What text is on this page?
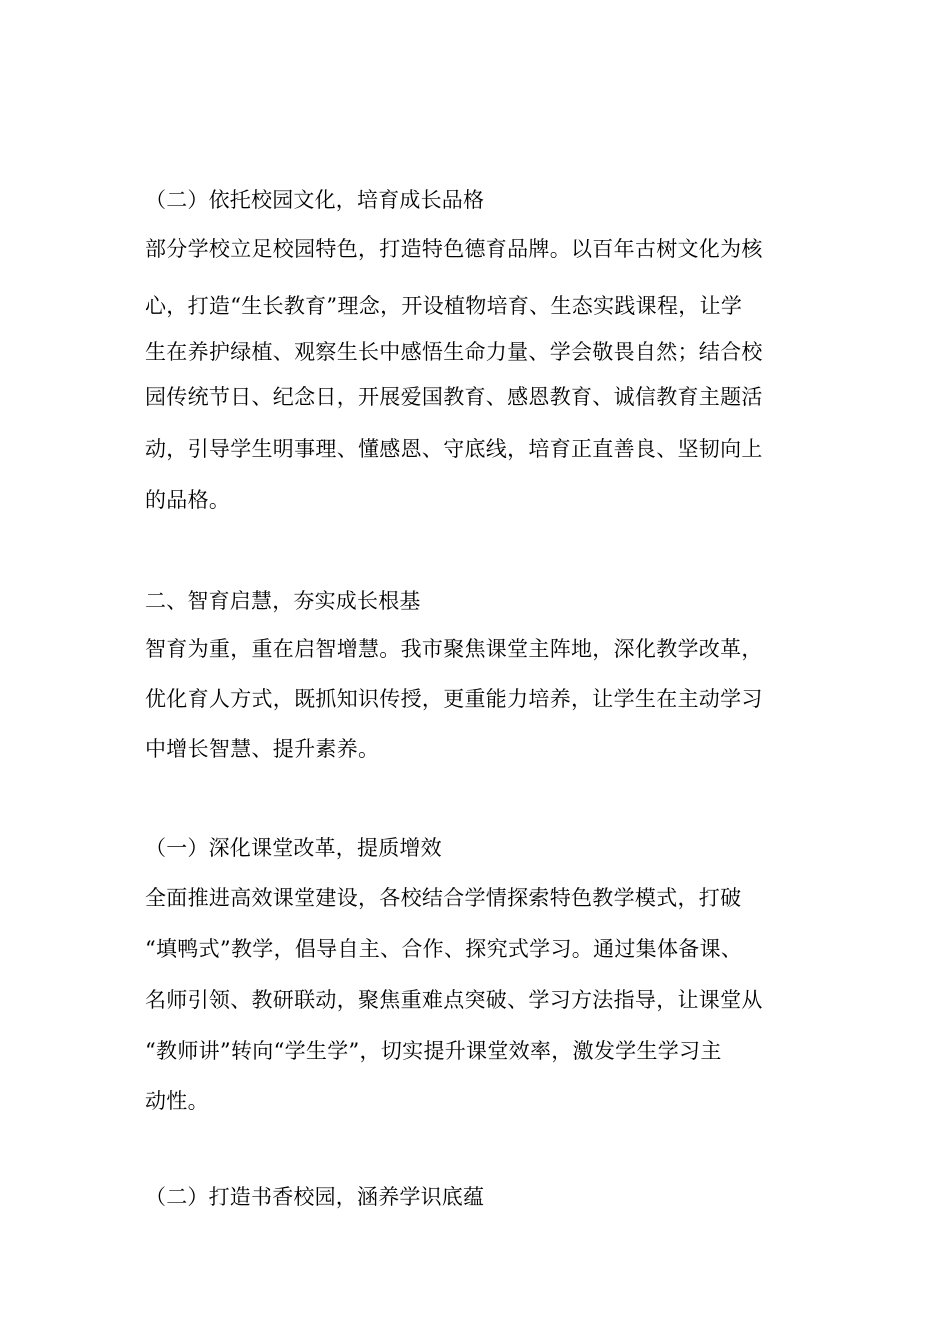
（二）依托校园文化，培育成长品格
部分学校立足校园特色，打造特色德育品牌。以百年古树文化为核
心，打造“生长教育”理念，开设植物培育、生态实践课程，让学
生在养护绿植、观察生长中感悟生命力量、学会敬畏自然；结合校
园传统节日、纪念日，开展爱国教育、感恩教育、诚信教育主题活
动，引导学生明事理、懂感恩、守底线，培育正直善良、坚韧向上
的品格。
二、智育启慧，夯实成长根基
智育为重，重在启智增慧。我市聚焦课堂主阵地，深化教学改革，
优化育人方式，既抓知识传授，更重能力培养，让学生在主动学习
中增长智慧、提升素养。
（一）深化课堂改革，提质增效
全面推进高效课堂建设，各校结合学情探索特色教学模式，打破
“填鸭式”教学，倡导自主、合作、探究式学习。通过集体备课、
名师引领、教研联动，聚焦重难点突破、学习方法指导，让课堂从
“教师讲”转向“学生学”，切实提升课堂效率，激发学生学习主
动性。
（二）打造书香校园，涵养学识底蕴
